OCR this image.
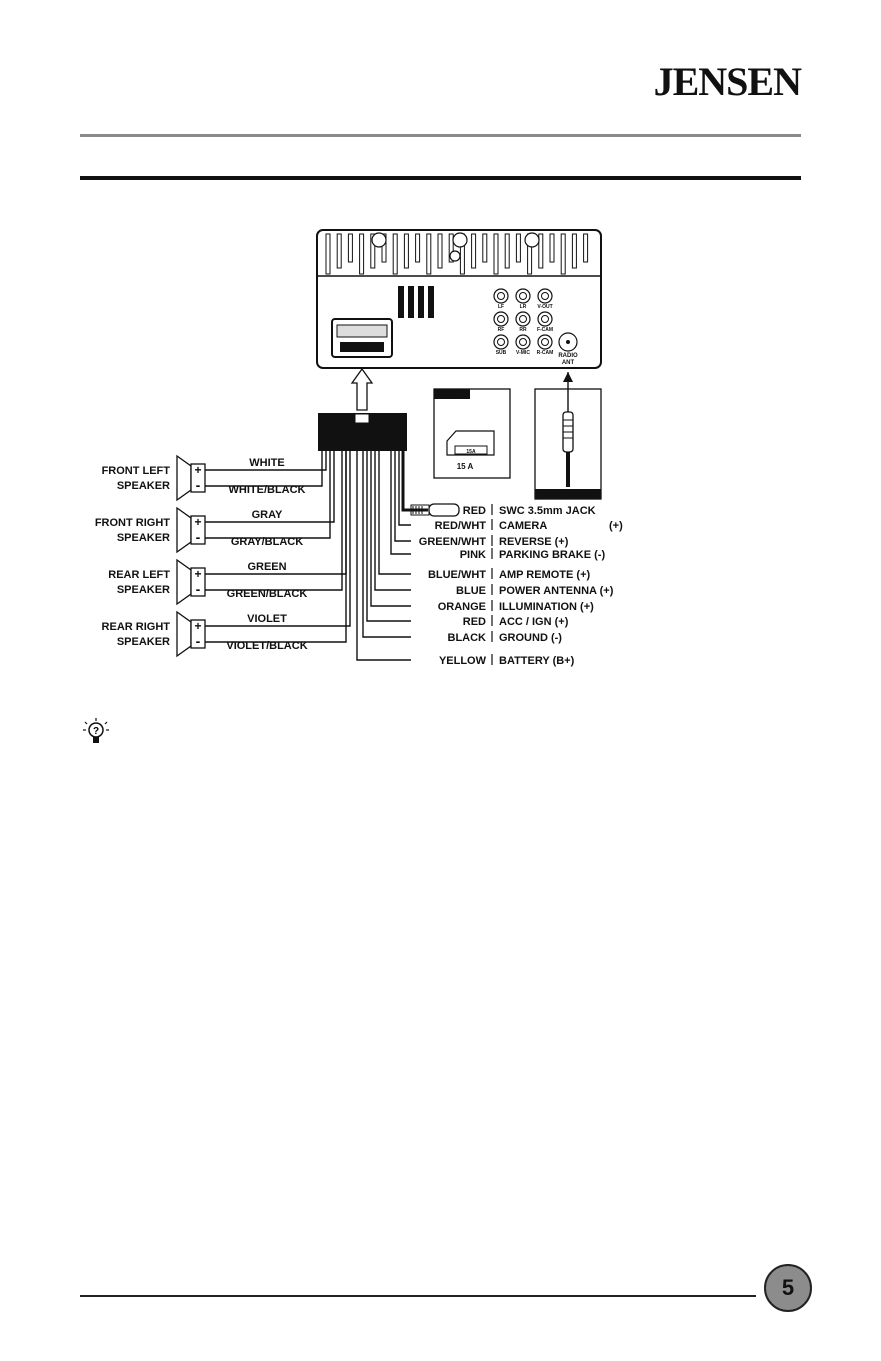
JENSEN
15A
LF	LR V-OUT
RF	RR F-CAM
SUB V-MIC R-CAM RADIO
ANT
FUSE
15A
15 A
Radio Antenna
FRONT LEFT
SPEAKER
+
-
WHITE
WHITE/BLACK
FRONT RIGHT
SPEAKER
+
-
GRAY
GRAY/BLACK
REAR LEFT
SPEAKER
+
-
GREEN
GREEN/BLACK
REAR RIGHT
SPEAKER
+
-
VIOLET
VIOLET/BLACK
RED SWC 3.5mm JACK
RED/WHT CAMERA	(+)
GREEN/WHT REVERSE (+)
PINK PARKING BRAKE (-)
BLUE/WHT AMP REMOTE (+)
BLUE POWER ANTENNA (+)
ORANGE ILLUMINATION (+)
RED ACC / IGN (+)
BLACK GROUND (-)
YELLOW BATTERY (B+)
?
5
